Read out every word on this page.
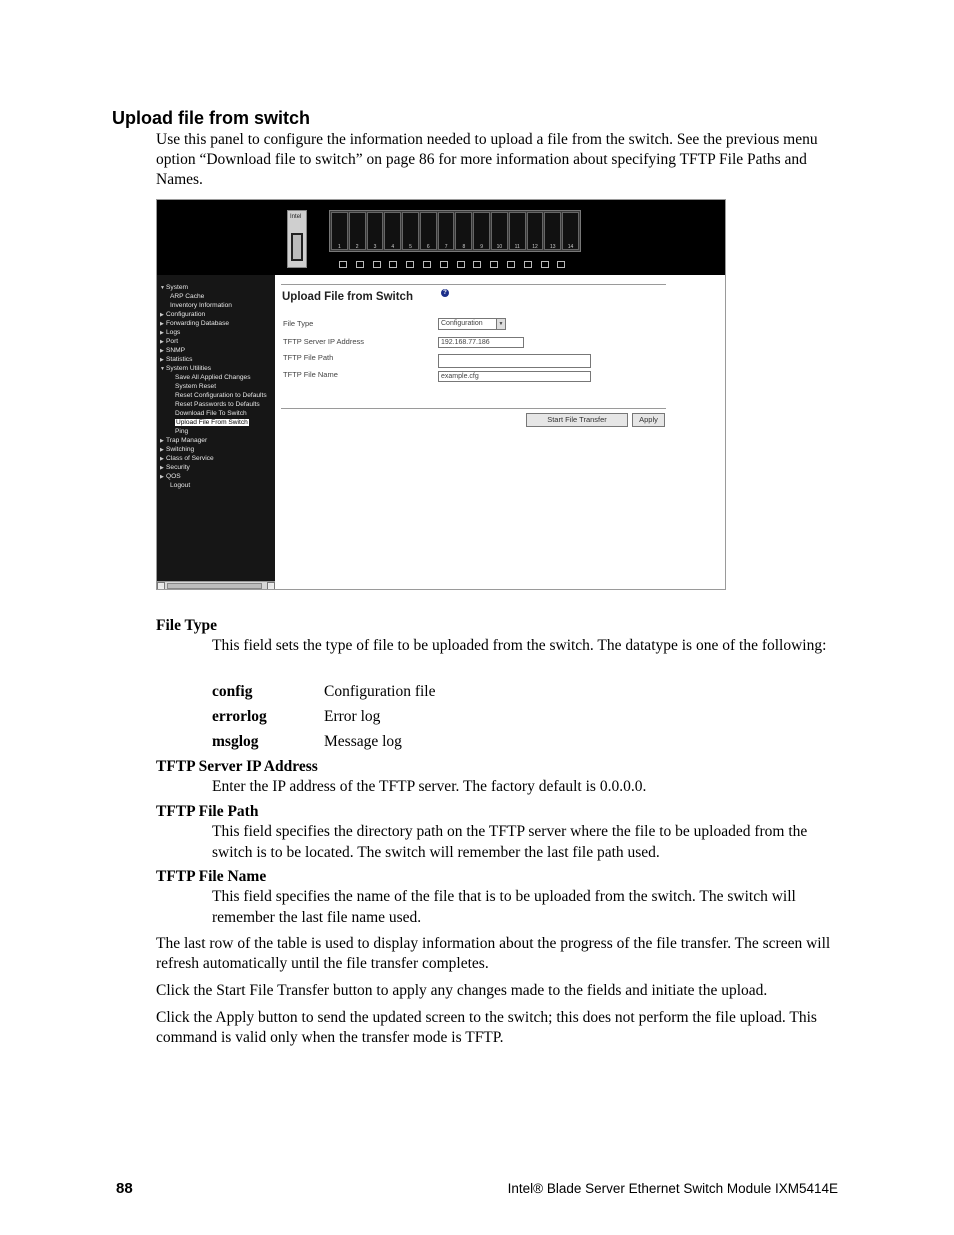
Upload file from switch

Use this panel to configure the information needed to upload a file from the switch. See the previous menu option “Download file to switch” on page 86 for more information about specifying TFTP File Paths and Names.

Intel
1	2	3	4	5	6	7	8	9	10	11	12	13	14
▼System
ARP Cache
Inventory Information
▶ Configuration
▶ Forwarding Database
▶ Logs
▶ Port
▶ SNMP
▶ Statistics
▼System Utilities
Save All Applied Changes
System Reset
Reset Configuration to Defaults
Reset Passwords to Defaults
Download File To Switch
Upload File From Switch
Ping
▶ Trap Manager
▶ Switching
▶ Class of Service
▶ Security
▶ QOS
Logout
◀	▶
Upload File from Switch	?
File Type	Configuration	▼
TFTP Server IP Address	192.168.77.186
TFTP File Path
TFTP File Name	example.cfg
Start File Transfer	Apply
File Type

This field sets the type of file to be uploaded from the switch. The datatype is one of the following:

config	Configuration file
errorlog	Error log
msglog	Message log
TFTP Server IP Address

Enter the IP address of the TFTP server. The factory default is 0.0.0.0.

TFTP File Path

This field specifies the directory path on the TFTP server where the file to be uploaded from the switch is to be located. The switch will remember the last file path used.

TFTP File Name

This field specifies the name of the file that is to be uploaded from the switch. The switch will remember the last file name used.

The last row of the table is used to display information about the progress of the file transfer. The screen will refresh automatically until the file transfer completes.

Click the Start File Transfer button to apply any changes made to the fields and initiate the upload.

Click the Apply button to send the updated screen to the switch; this does not perform the file upload. This command is valid only when the transfer mode is TFTP.

88	Intel® Blade Server Ethernet Switch Module IXM5414E
